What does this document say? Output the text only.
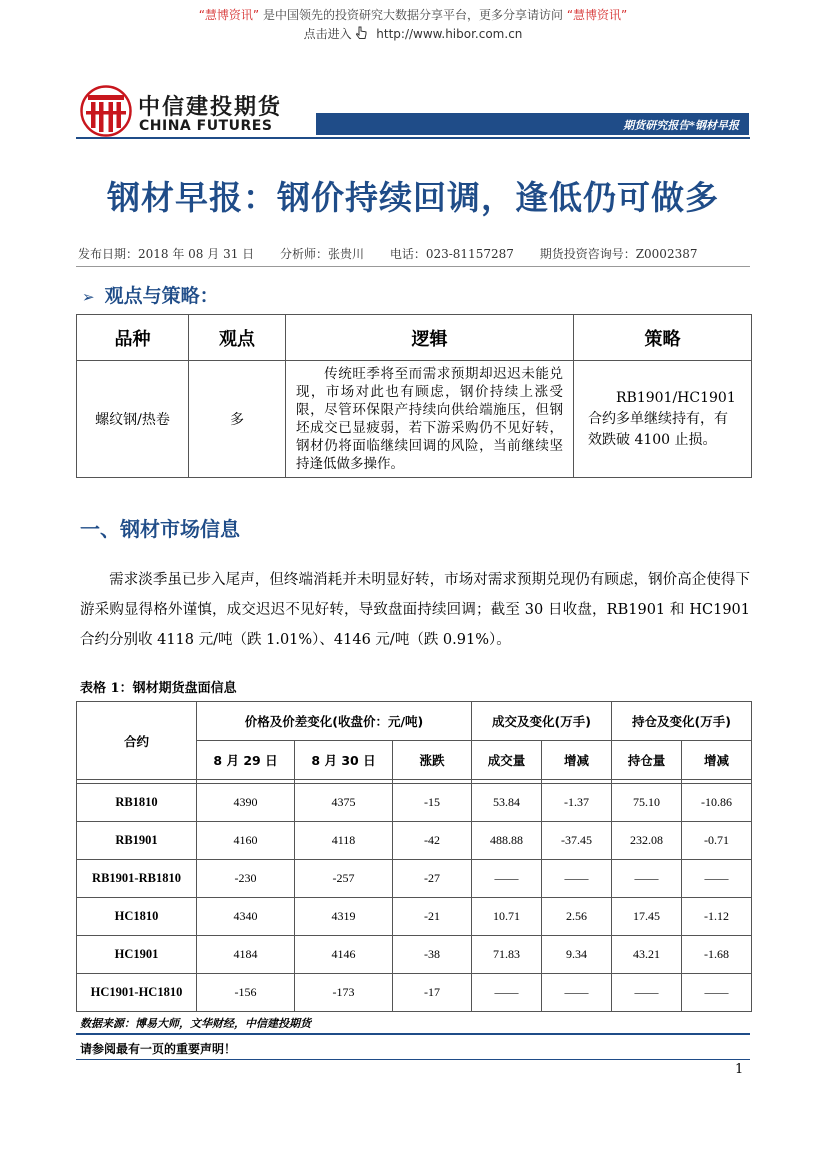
“慧博资讯” 是中国领先的投资研究大数据分享平台，更多分享请访问 “慧博资讯”
点击进入 http://www.hibor.com.cn
中信建投期货
CHINA FUTURES	期货研究报告*钢材早报
钢材早报：钢价持续回调，逢低仍可做多
发布日期：2018 年 08 月 31 日 分析师：张贵川 电话：023-81157287 期货投资咨询号：Z0002387
➢ 观点与策略：
品种	观点	逻辑	策略
螺纹钢/热卷	多	　　传统旺季将至而需求预期却迟迟未能兑现，市场对此也有顾虑，钢价持续上涨受限，尽管环保限产持续向供给端施压，但钢坯成交已显疲弱，若下游采购仍不见好转，钢材仍将面临继续回调的风险，当前继续坚持逢低做多操作。	　　RB1901/HC1901 合约多单继续持有，有效跌破 4100 止损。
一、钢材市场信息
　　需求淡季虽已步入尾声，但终端消耗并未明显好转，市场对需求预期兑现仍有顾虑，钢价高企使得下游采购显得格外谨慎，成交迟迟不见好转，导致盘面持续回调；截至 30 日收盘，RB1901 和 HC1901 合约分别收 4118 元/吨（跌 1.01%）、4146 元/吨（跌 0.91%）。
表格 1：钢材期货盘面信息
合约	价格及价差变化(收盘价：元/吨)			成交及变化(万手)		持仓及变化(万手)	
	8 月 29 日	8 月 30 日	涨跌	成交量	增减	持仓量	增减

RB1810	4390	4375	-15	53.84	-1.37	75.10	-10.86
RB1901	4160	4118	-42	488.88	-37.45	232.08	-0.71
RB1901-RB1810	-230	-257	-27	——	——	——	——
HC1810	4340	4319	-21	10.71	2.56	17.45	-1.12
HC1901	4184	4146	-38	71.83	9.34	43.21	-1.68
HC1901-HC1810	-156	-173	-17	——	——	——	——
数据来源：博易大师，文华财经，中信建投期货
请参阅最有一页的重要声明！
1
